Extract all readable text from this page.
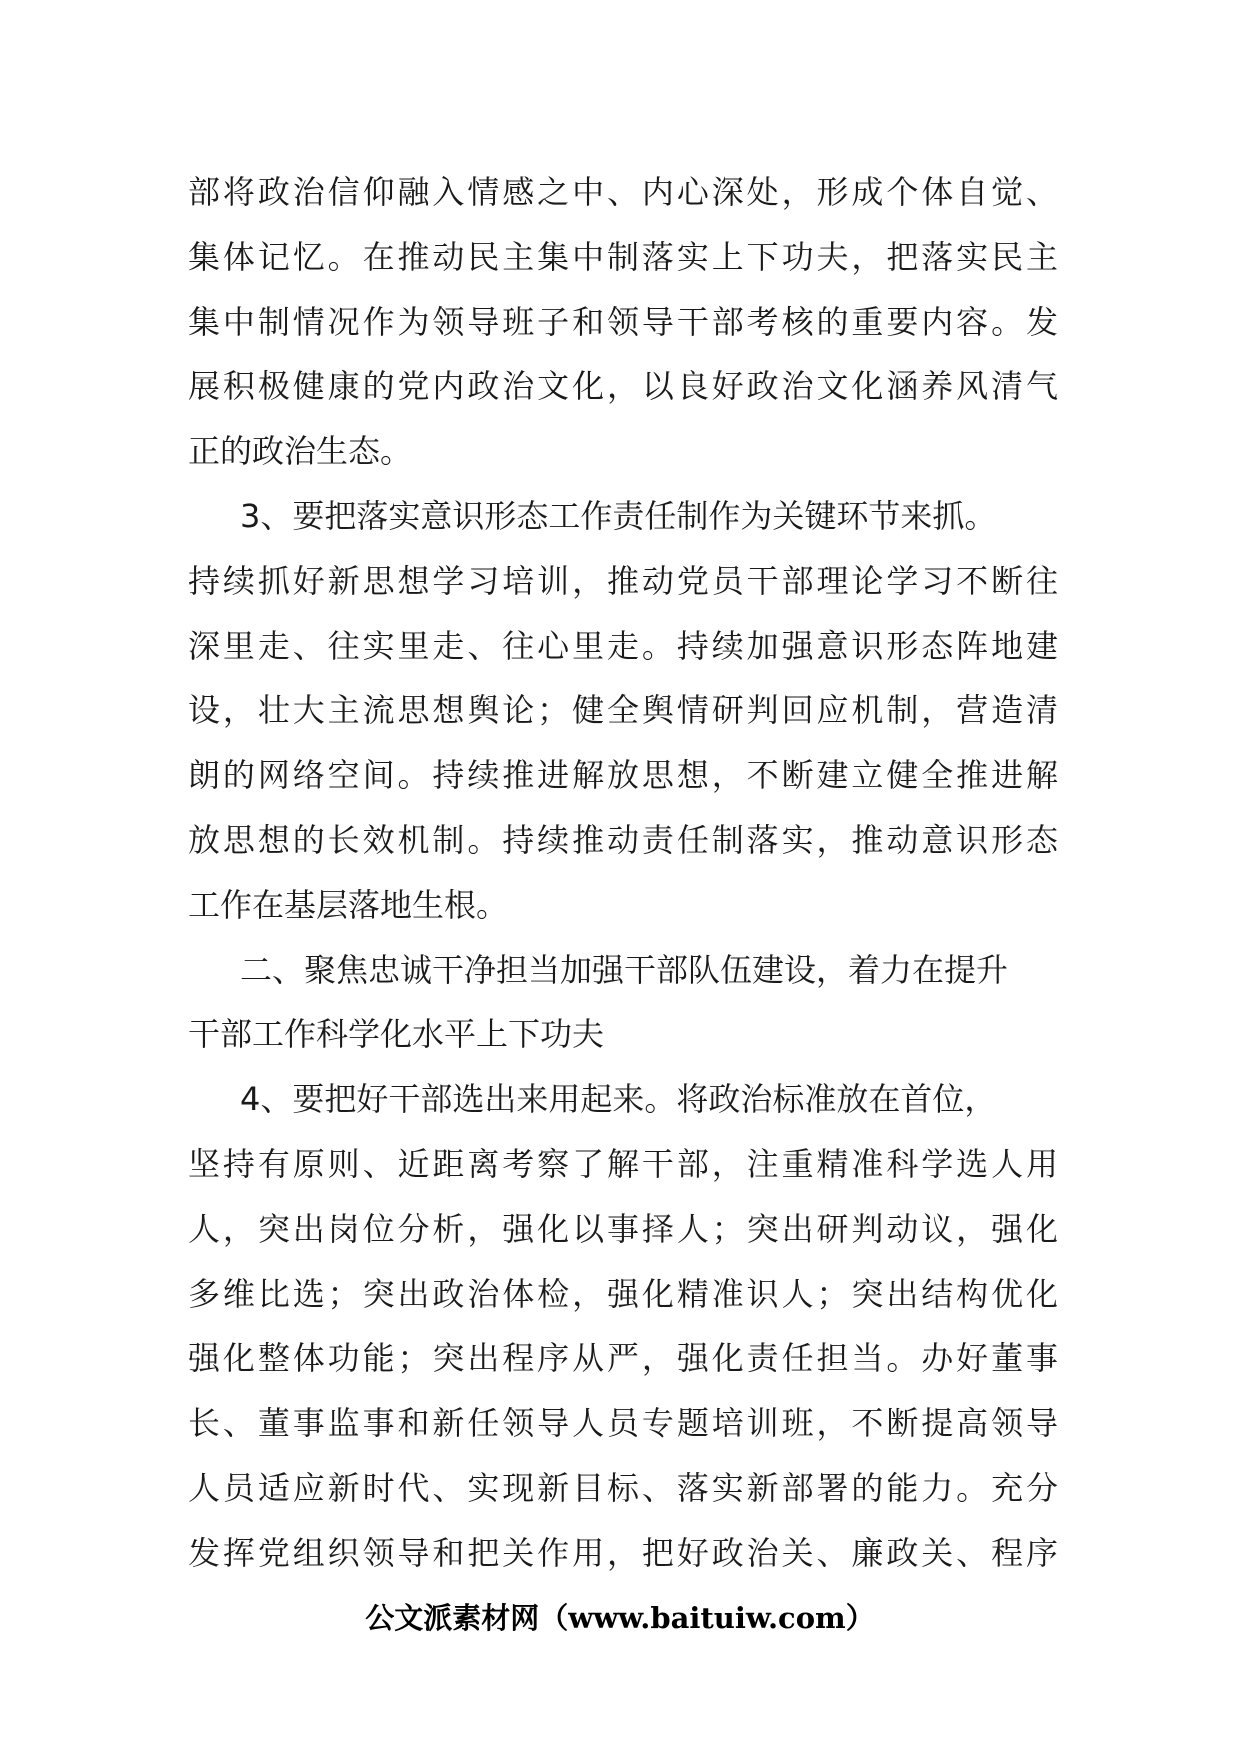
部将政治信仰融入情感之中、内心深处，形成个体自觉、
集体记忆。在推动民主集中制落实上下功夫，把落实民主
集中制情况作为领导班子和领导干部考核的重要内容。发
展积极健康的党内政治文化，以良好政治文化涵养风清气
正的政治生态。
3、要把落实意识形态工作责任制作为关键环节来抓。
持续抓好新思想学习培训，推动党员干部理论学习不断往
深里走、往实里走、往心里走。持续加强意识形态阵地建
设，壮大主流思想舆论；健全舆情研判回应机制，营造清
朗的网络空间。持续推进解放思想，不断建立健全推进解
放思想的长效机制。持续推动责任制落实，推动意识形态
工作在基层落地生根。
二、聚焦忠诚干净担当加强干部队伍建设，着力在提升
干部工作科学化水平上下功夫
4、要把好干部选出来用起来。将政治标准放在首位，
坚持有原则、近距离考察了解干部，注重精准科学选人用
人，突出岗位分析，强化以事择人；突出研判动议，强化
多维比选；突出政治体检，强化精准识人；突出结构优化
强化整体功能；突出程序从严，强化责任担当。办好董事
长、董事监事和新任领导人员专题培训班，不断提高领导
人员适应新时代、实现新目标、落实新部署的能力。充分
发挥党组织领导和把关作用，把好政治关、廉政关、程序
公文派素材网（www.baituiw.com）
